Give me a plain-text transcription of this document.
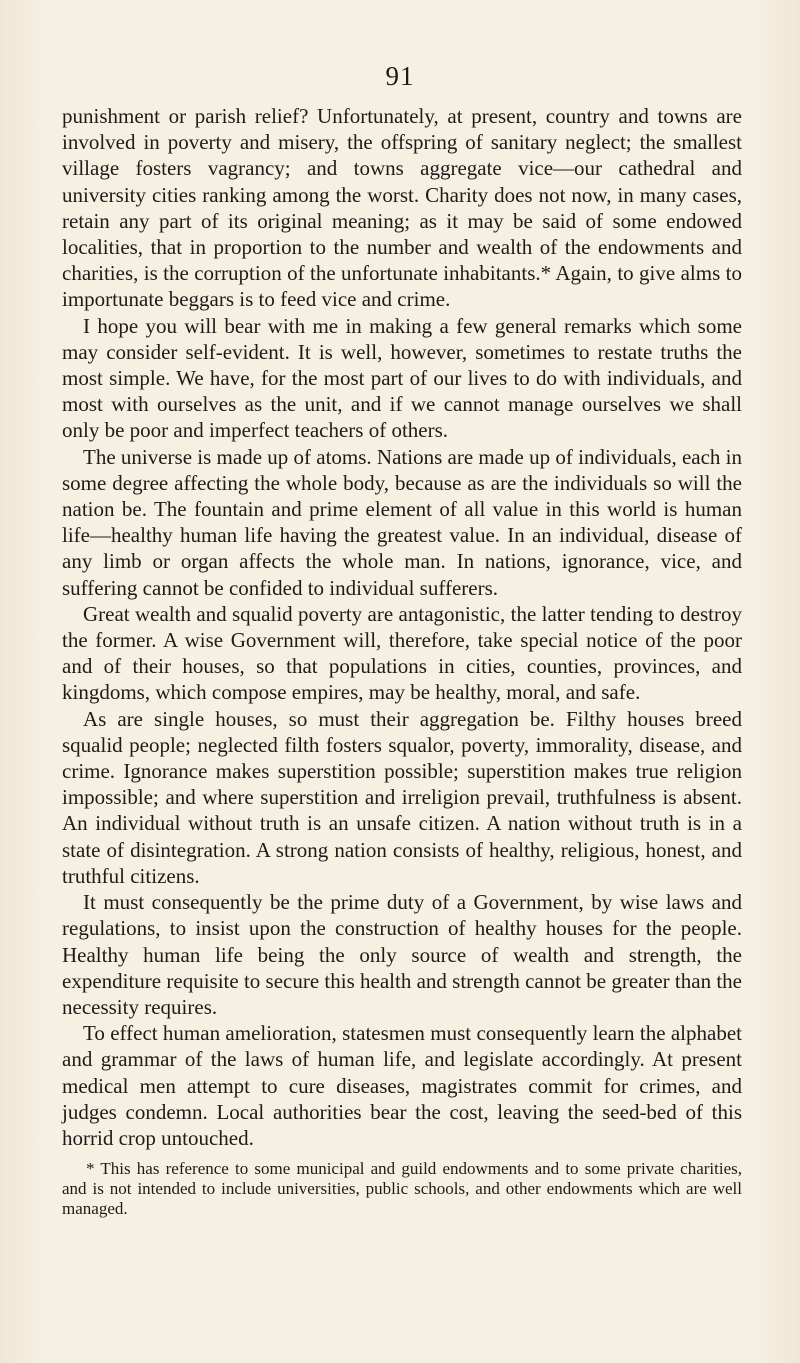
91

punishment or parish relief? Unfortunately, at present, country and towns are involved in poverty and misery, the offspring of sanitary neglect; the smallest village fosters vagrancy; and towns aggregate vice—our cathedral and university cities ranking among the worst. Charity does not now, in many cases, retain any part of its original meaning; as it may be said of some endowed localities, that in proportion to the number and wealth of the endowments and charities, is the corruption of the unfortunate inhabitants.* Again, to give alms to importunate beggars is to feed vice and crime.

I hope you will bear with me in making a few general remarks which some may consider self-evident. It is well, however, sometimes to restate truths the most simple. We have, for the most part of our lives to do with individuals, and most with ourselves as the unit, and if we cannot manage ourselves we shall only be poor and imperfect teachers of others.

The universe is made up of atoms. Nations are made up of individuals, each in some degree affecting the whole body, because as are the individuals so will the nation be. The fountain and prime element of all value in this world is human life—healthy human life having the greatest value. In an individual, disease of any limb or organ affects the whole man. In nations, ignorance, vice, and suffering cannot be confided to individual sufferers.

Great wealth and squalid poverty are antagonistic, the latter tending to destroy the former. A wise Government will, therefore, take special notice of the poor and of their houses, so that populations in cities, counties, provinces, and kingdoms, which compose empires, may be healthy, moral, and safe.

As are single houses, so must their aggregation be. Filthy houses breed squalid people; neglected filth fosters squalor, poverty, immorality, disease, and crime. Ignorance makes superstition possible; superstition makes true religion impossible; and where superstition and irreligion prevail, truthfulness is absent. An individual without truth is an unsafe citizen. A nation without truth is in a state of disintegration. A strong nation consists of healthy, religious, honest, and truthful citizens.

It must consequently be the prime duty of a Government, by wise laws and regulations, to insist upon the construction of healthy houses for the people. Healthy human life being the only source of wealth and strength, the expenditure requisite to secure this health and strength cannot be greater than the necessity requires.

To effect human amelioration, statesmen must consequently learn the alphabet and grammar of the laws of human life, and legislate accordingly. At present medical men attempt to cure diseases, magistrates commit for crimes, and judges condemn. Local authorities bear the cost, leaving the seed-bed of this horrid crop untouched.

* This has reference to some municipal and guild endowments and to some private charities, and is not intended to include universities, public schools, and other endowments which are well managed.
